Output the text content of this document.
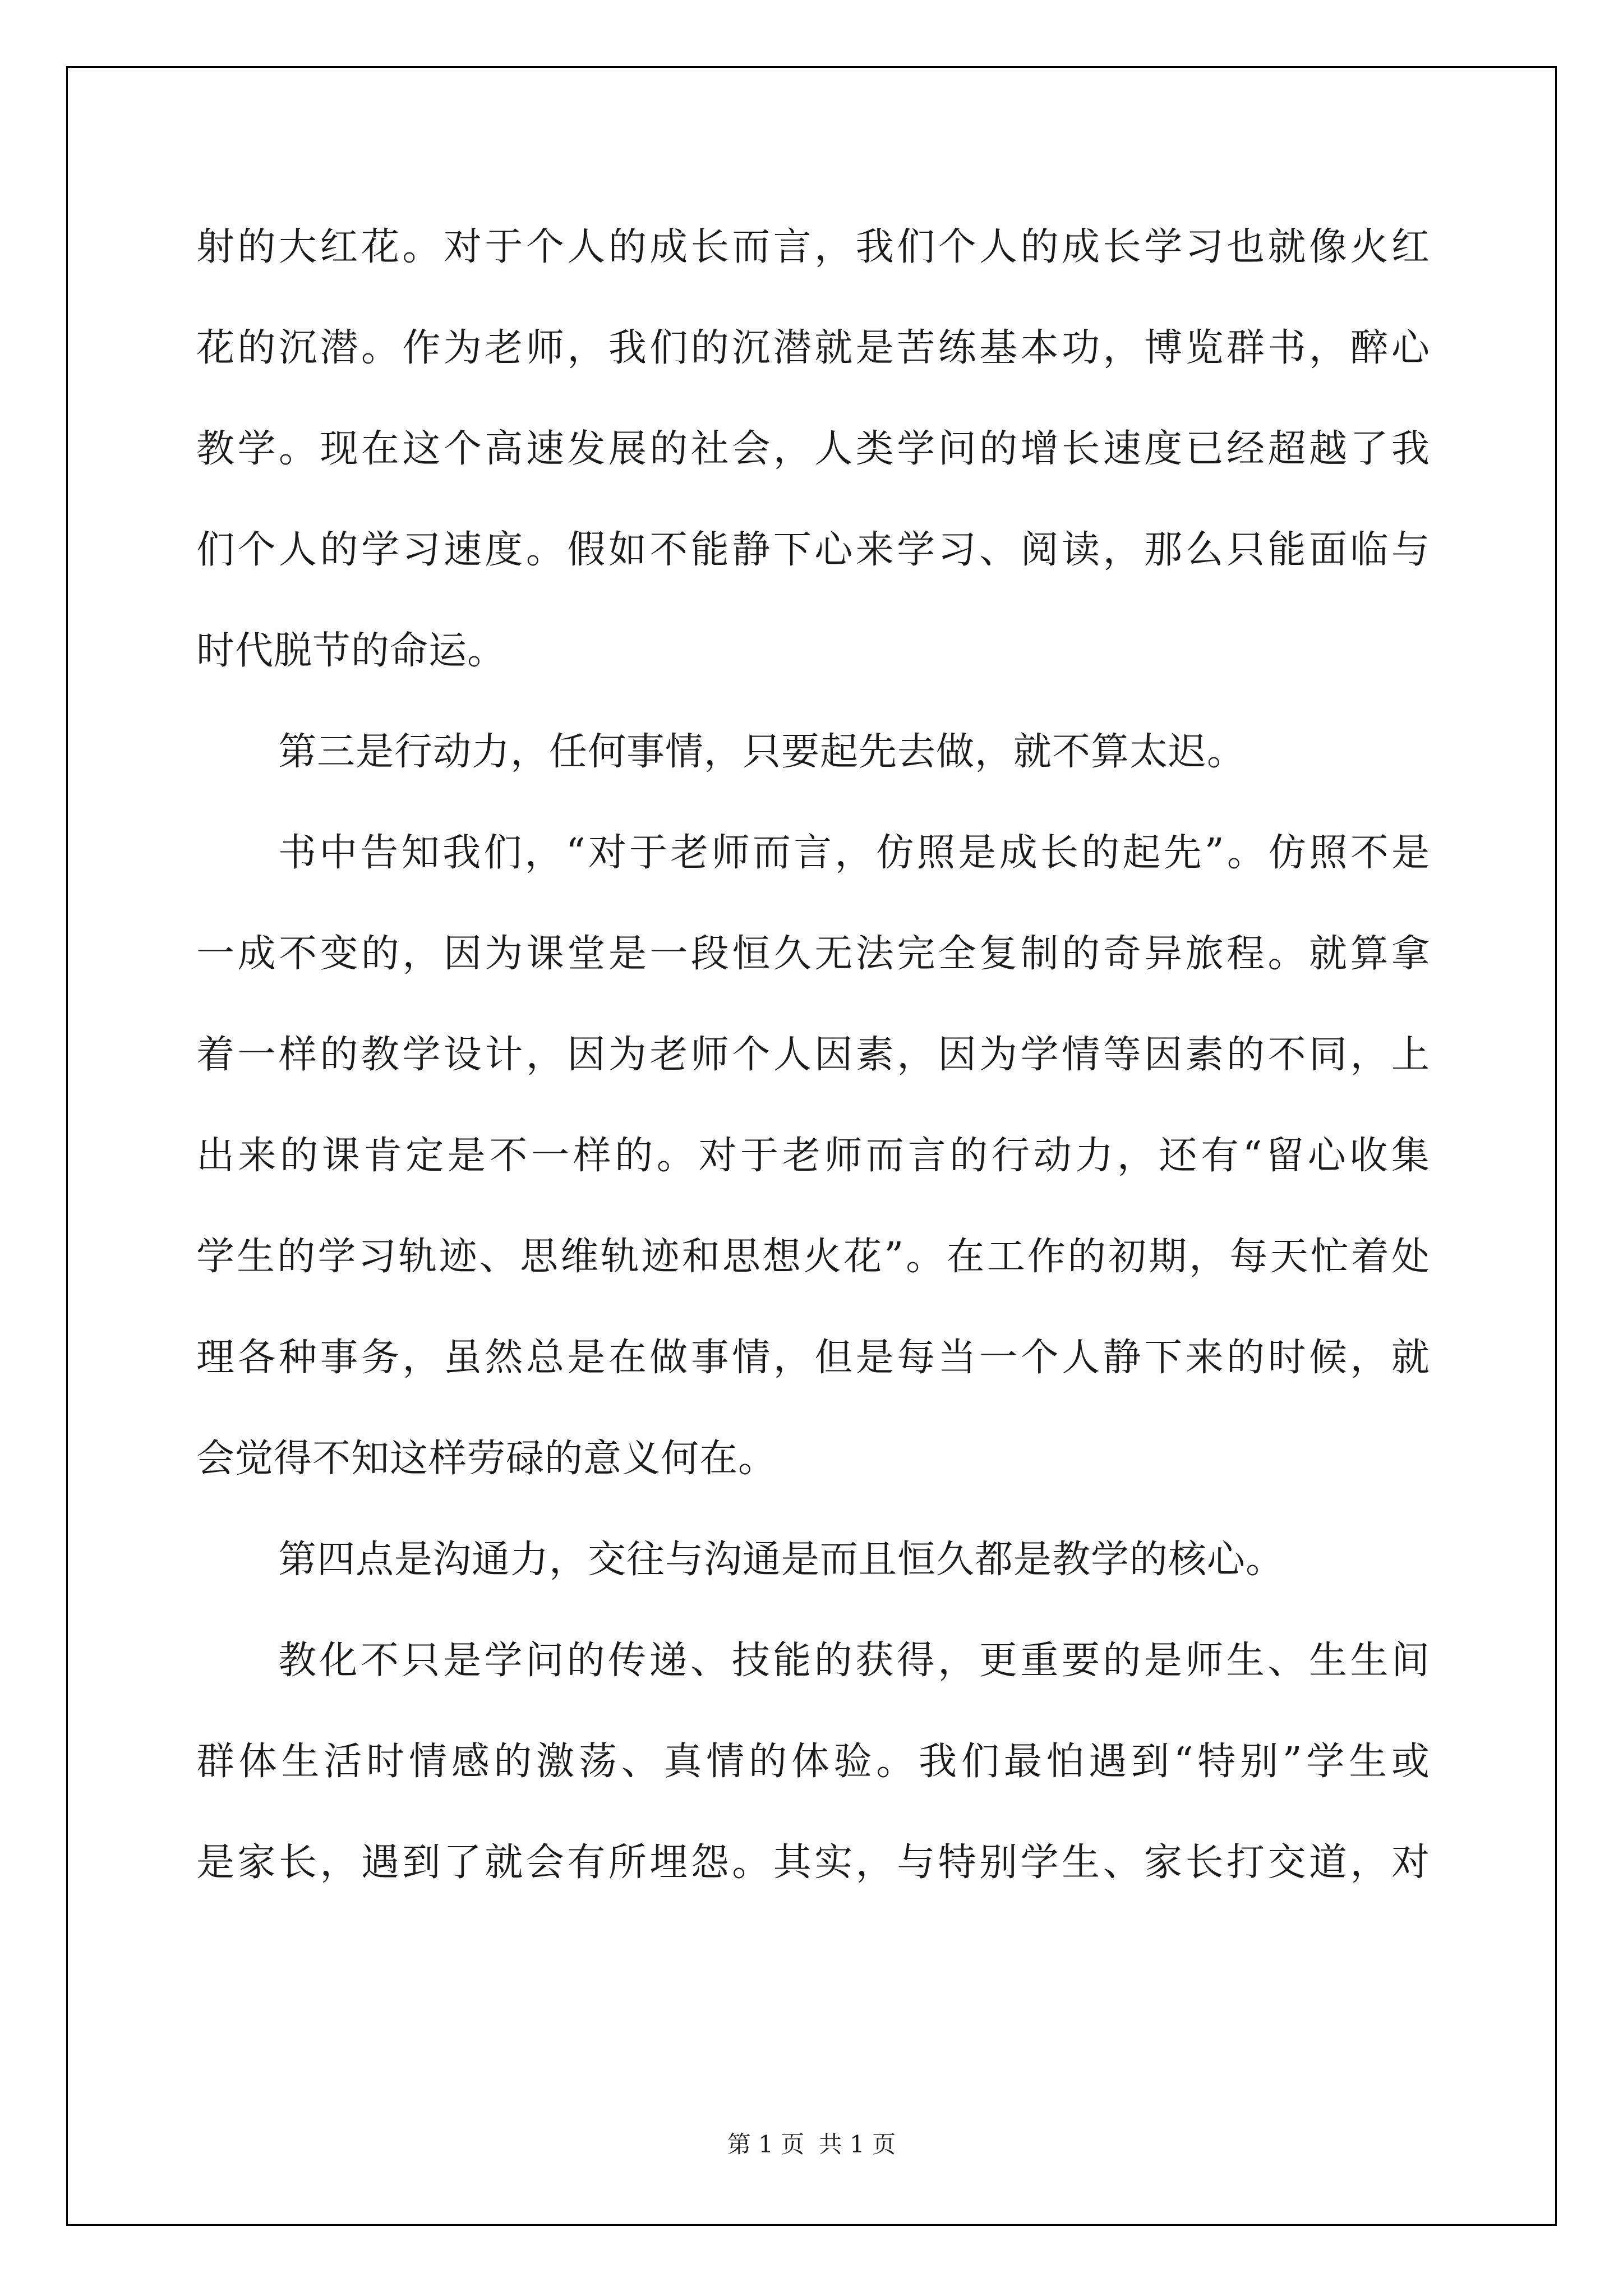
射的大红花。对于个人的成长而言，我们个人的成长学习也就像火红
花的沉潜。作为老师，我们的沉潜就是苦练基本功，博览群书，醉心
教学。现在这个高速发展的社会，人类学问的增长速度已经超越了我
们个人的学习速度。假如不能静下心来学习、阅读，那么只能面临与
时代脱节的命运。
第三是行动力，任何事情，只要起先去做，就不算太迟。
书中告知我们，“对于老师而言，仿照是成长的起先”。仿照不是
一成不变的，因为课堂是一段恒久无法完全复制的奇异旅程。就算拿
着一样的教学设计，因为老师个人因素，因为学情等因素的不同，上
出来的课肯定是不一样的。对于老师而言的行动力，还有“留心收集
学生的学习轨迹、思维轨迹和思想火花”。在工作的初期，每天忙着处
理各种事务，虽然总是在做事情，但是每当一个人静下来的时候，就
会觉得不知这样劳碌的意义何在。
第四点是沟通力，交往与沟通是而且恒久都是教学的核心。
教化不只是学问的传递、技能的获得，更重要的是师生、生生间
群体生活时情感的激荡、真情的体验。我们最怕遇到“特别”学生或
是家长，遇到了就会有所埋怨。其实，与特别学生、家长打交道，对
第 1 页 共 1 页
